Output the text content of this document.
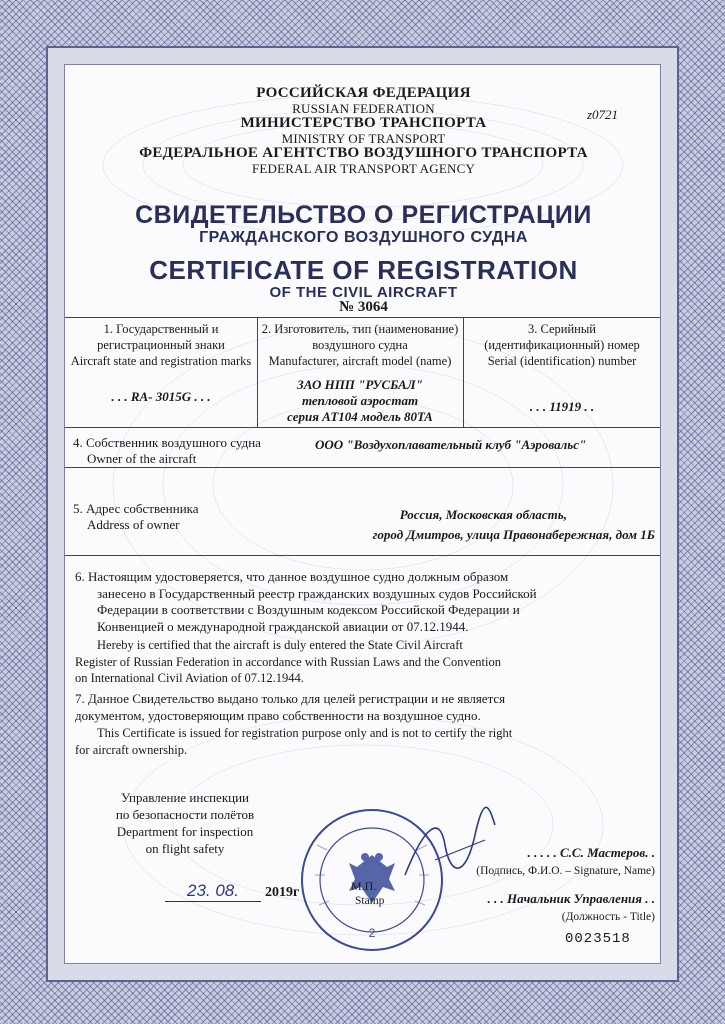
РОССИЙСКАЯ ФЕДЕРАЦИЯ
RUSSIAN FEDERATION
МИНИСТЕРСТВО ТРАНСПОРТА
MINISTRY OF TRANSPORT
ФЕДЕРАЛЬНОЕ АГЕНТСТВО ВОЗДУШНОГО ТРАНСПОРТА
FEDERAL AIR TRANSPORT AGENCY
z0721
СВИДЕТЕЛЬСТВО О РЕГИСТРАЦИИ
ГРАЖДАНСКОГО ВОЗДУШНОГО СУДНА
CERTIFICATE OF REGISTRATION
OF THE CIVIL AIRCRAFT
№ 3064
1. Государственный и регистрационный знаки
Aircraft state and registration marks
. . . RA- 3015G . . .
2. Изготовитель, тип (наименование) воздушного судна
Manufacturer, aircraft model (name)
ЗАО НПП "РУСБАЛ"
тепловой аэростат
серия АТ104 модель 80ТА
3. Серийный (идентификационный) номер
Serial (identification) number
. . . 11919 . .
4. Собственник воздушного судна
Owner of the aircraft
ООО "Воздухоплавательный клуб "Аэровальс"
5. Адрес собственника
Address of owner
Россия, Московская область,
город Дмитров, улица Правонабережная, дом 1Б
6. Настоящим удостоверяется, что данное воздушное судно должным образом
занесено в Государственный реестр гражданских воздушных судов Российской
Федерации в соответствии с Воздушным кодексом Российской Федерации и
Конвенцией о международной гражданской авиации от 07.12.1944.
Hereby is certified that the aircraft is duly entered the State Civil Aircraft
Register of Russian Federation in accordance with Russian Laws and the Convention
on International Civil Aviation of 07.12.1944.
7. Данное Свидетельство выдано только для целей регистрации и не является
документом, удостоверяющим право собственности на воздушное судно.
This Certificate is issued for registration purpose only and is not to certify the right
for aircraft ownership.
Управление инспекции
по безопасности полётов
Department for inspection
on flight safety
2
. . . . . С.С. Мастеров. .
(Подпись, Ф.И.О. – Signature, Name)
М.П.
Stamp	. . . Начальник Управления . .
(Должность - Title)
23. 08.	2019г
0023518
